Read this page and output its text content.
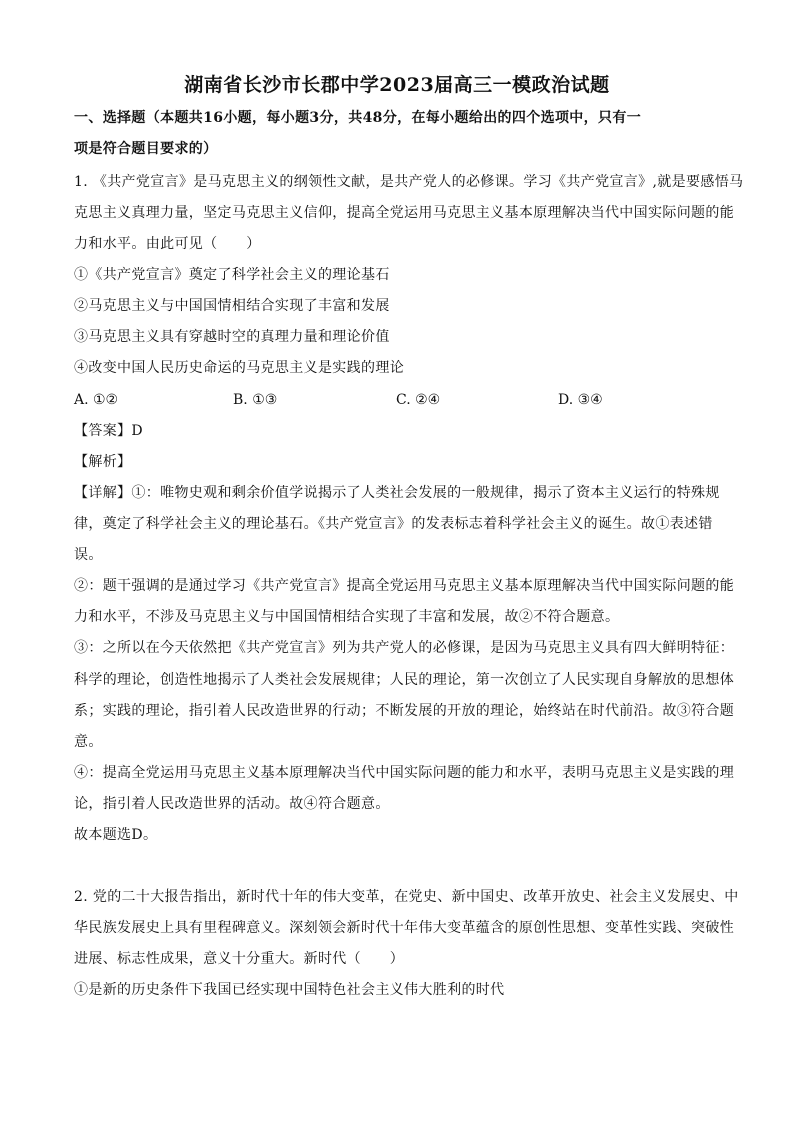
湖南省长沙市长郡中学2023届高三一模政治试题
一、选择题（本题共16小题，每小题3分，共48分，在每小题给出的四个选项中，只有一
项是符合题目要求的）
1. 《共产党宣言》是马克思主义的纲领性文献，是共产党人的必修课。学习《共产党宣言》,就是要感悟马
克思主义真理力量，坚定马克思主义信仰，提高全党运用马克思主义基本原理解决当代中国实际问题的能
力和水平。由此可见（　　）
①《共产党宣言》奠定了科学社会主义的理论基石
②马克思主义与中国国情相结合实现了丰富和发展
③马克思主义具有穿越时空的真理力量和理论价值
④改变中国人民历史命运的马克思主义是实践的理论
A. ①②	B. ①③	C. ②④	D. ③④
【答案】D
【解析】
【详解】①：唯物史观和剩余价值学说揭示了人类社会发展的一般规律，揭示了资本主义运行的特殊规
律，奠定了科学社会主义的理论基石。《共产党宣言》的发表标志着科学社会主义的诞生。故①表述错
误。
②：题干强调的是通过学习《共产党宣言》提高全党运用马克思主义基本原理解决当代中国实际问题的能
力和水平，不涉及马克思主义与中国国情相结合实现了丰富和发展，故②不符合题意。
③：之所以在今天依然把《共产党宣言》列为共产党人的必修课，是因为马克思主义具有四大鲜明特征：
科学的理论，创造性地揭示了人类社会发展规律；人民的理论，第一次创立了人民实现自身解放的思想体
系；实践的理论，指引着人民改造世界的行动；不断发展的开放的理论，始终站在时代前沿。故③符合题
意。
④：提高全党运用马克思主义基本原理解决当代中国实际问题的能力和水平，表明马克思主义是实践的理
论，指引着人民改造世界的活动。故④符合题意。
故本题选D。
2. 党的二十大报告指出，新时代十年的伟大变革，在党史、新中国史、改革开放史、社会主义发展史、中
华民族发展史上具有里程碑意义。深刻领会新时代十年伟大变革蕴含的原创性思想、变革性实践、突破性
进展、标志性成果，意义十分重大。新时代（　　）
①是新的历史条件下我国已经实现中国特色社会主义伟大胜利的时代
